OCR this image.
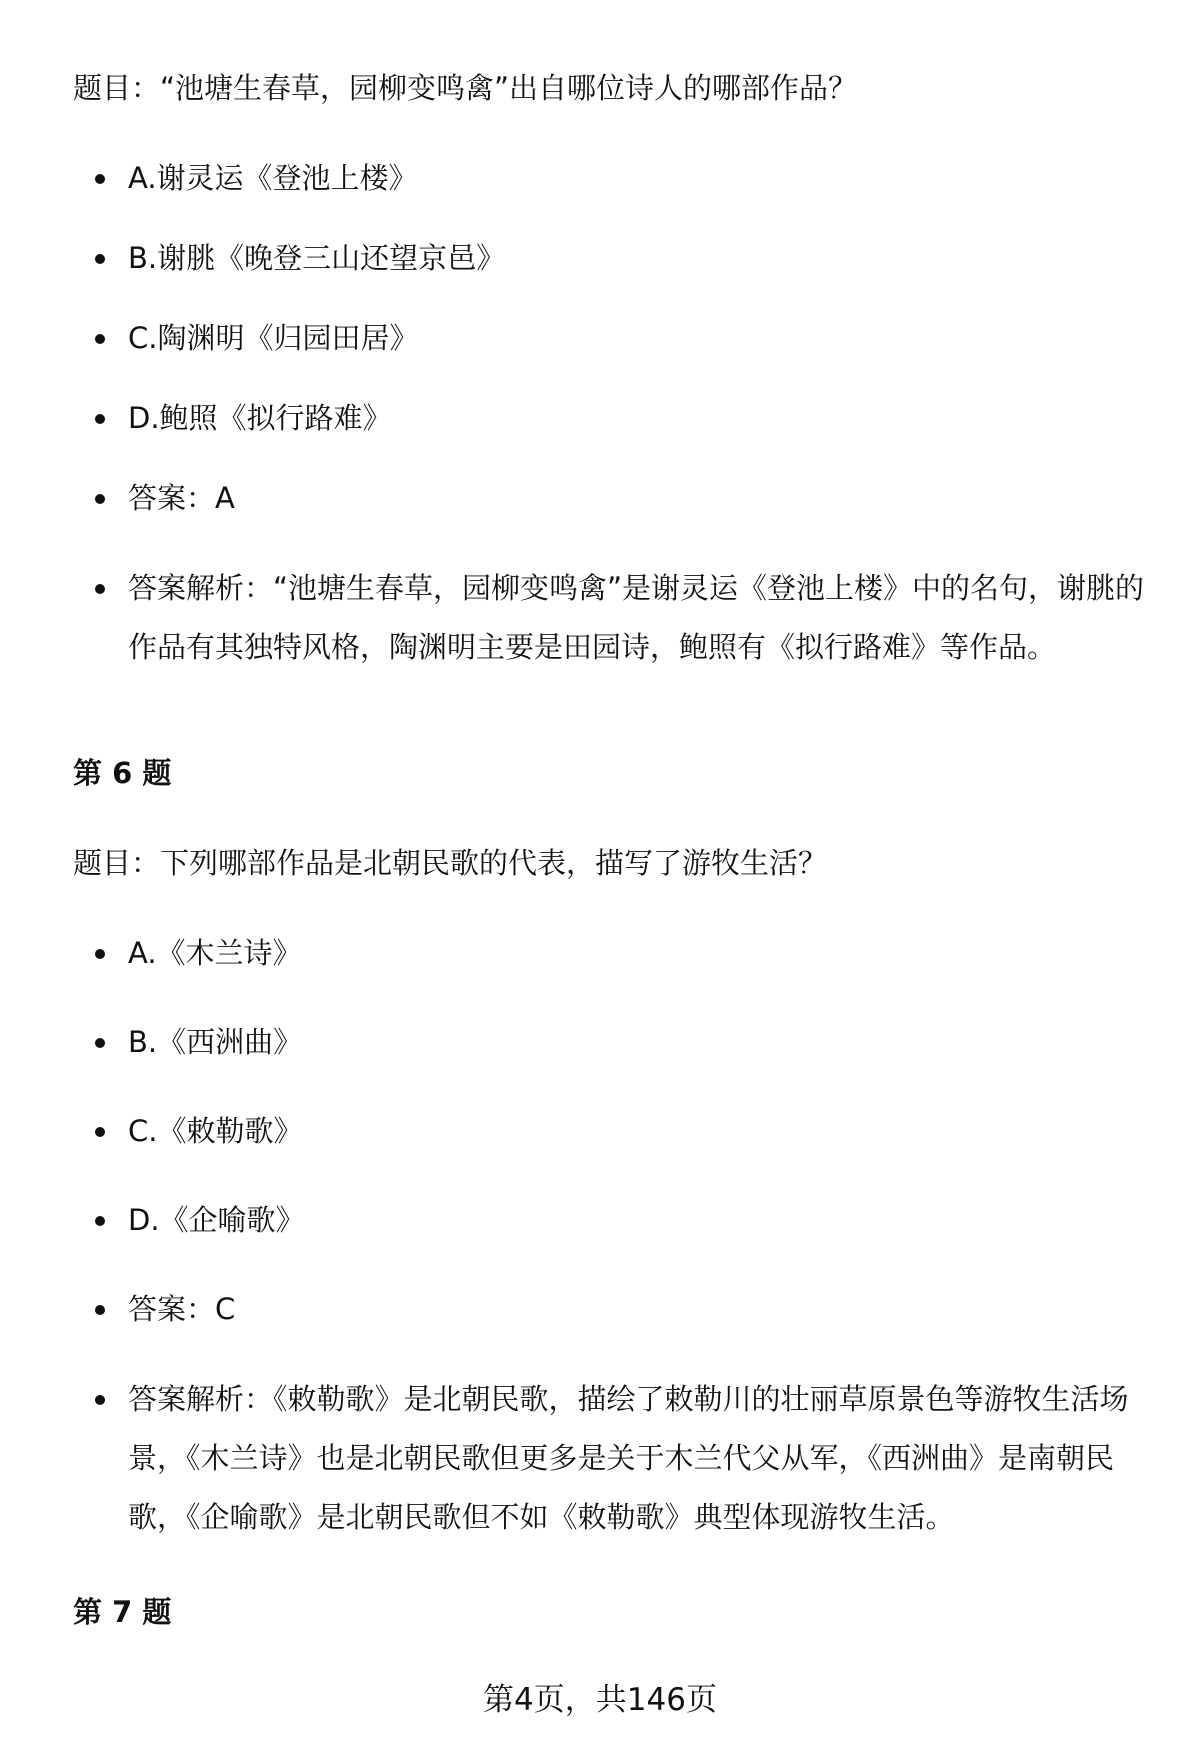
题目：“池塘生春草，园柳变鸣禽”出自哪位诗人的哪部作品？
A.谢灵运《登池上楼》
B.谢朓《晚登三山还望京邑》
C.陶渊明《归园田居》
D.鲍照《拟行路难》
答案：A
答案解析：“池塘生春草，园柳变鸣禽”是谢灵运《登池上楼》中的名句，谢朓的作品有其独特风格，陶渊明主要是田园诗，鲍照有《拟行路难》等作品。
第 6 题
题目：下列哪部作品是北朝民歌的代表，描写了游牧生活？
A.《木兰诗》
B.《西洲曲》
C.《敕勒歌》
D.《企喻歌》
答案：C
答案解析：《敕勒歌》是北朝民歌，描绘了敕勒川的壮丽草原景色等游牧生活场景，《木兰诗》也是北朝民歌但更多是关于木兰代父从军，《西洲曲》是南朝民歌，《企喻歌》是北朝民歌但不如《敕勒歌》典型体现游牧生活。
第 7 题
第4页，共146页
